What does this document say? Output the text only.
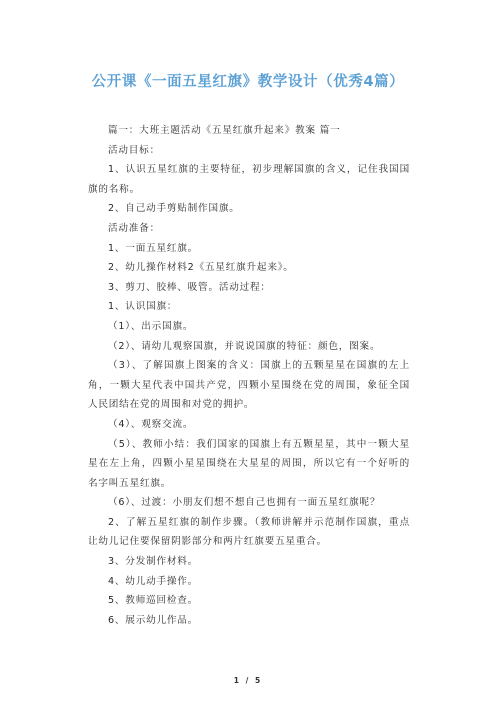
公开课《一面五星红旗》教学设计（优秀4篇）

篇一：大班主题活动《五星红旗升起来》教案 篇一

活动目标：

1、认识五星红旗的主要特征，初步理解国旗的含义，记住我国国旗的名称。

2、自己动手剪贴制作国旗。

活动准备：

1、一面五星红旗。

2、幼儿操作材料2《五星红旗升起来》。

3、剪刀、胶棒、吸管。活动过程：

1、认识国旗：

（1）、出示国旗。

（2）、请幼儿观察国旗，并说说国旗的特征：颜色，图案。

（3）、了解国旗上图案的含义：国旗上的五颗星星在国旗的左上角，一颗大星代表中国共产党，四颗小星围绕在党的周围，象征全国人民团结在党的周围和对党的拥护。

（4）、观察交流。

（5）、教师小结：我们国家的国旗上有五颗星星，其中一颗大星星在左上角，四颗小星星围绕在大星星的周围，所以它有一个好听的名字叫五星红旗。

（6）、过渡：小朋友们想不想自己也拥有一面五星红旗呢？

2、了解五星红旗的制作步骤。（教师讲解并示范制作国旗，重点让幼儿记住要保留阴影部分和两片红旗要五星重合。

3、分发制作材料。

4、幼儿动手操作。

5、教师巡回检查。

6、展示幼儿作品。

1 / 5
